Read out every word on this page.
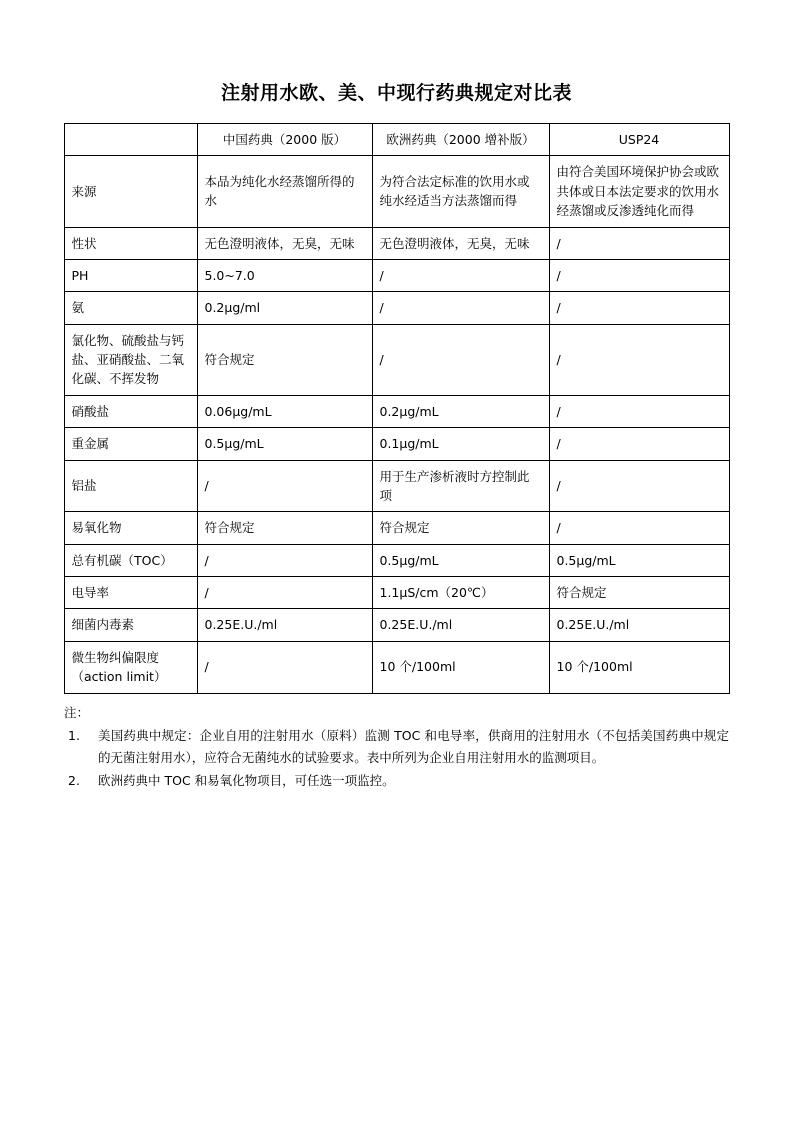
注射用水欧、美、中现行药典规定对比表
	中国药典（2000 版）	欧洲药典（2000 增补版）	USP24
来源	本品为纯化水经蒸馏所得的水	为符合法定标准的饮用水或纯水经适当方法蒸馏而得	由符合美国环境保护协会或欧共体或日本法定要求的饮用水经蒸馏或反渗透纯化而得
性状	无色澄明液体，无臭，无味	无色澄明液体，无臭，无味	/
PH	5.0~7.0	/	/
氨	0.2μg/ml	/	/
氯化物、硫酸盐与钙盐、亚硝酸盐、二氧化碳、不挥发物	符合规定	/	/
硝酸盐	0.06μg/mL	0.2μg/mL	/
重金属	0.5μg/mL	0.1μg/mL	/
铝盐	/	用于生产渗析液时方控制此项	/
易氧化物	符合规定	符合规定	/
总有机碳（TOC）	/	0.5μg/mL	0.5μg/mL
电导率	/	1.1μS/cm（20℃）	符合规定
细菌内毒素	0.25E.U./ml	0.25E.U./ml	0.25E.U./ml
微生物纠偏限度（action limit）	/	10 个/100ml	10 个/100ml
注：
1.	美国药典中规定：企业自用的注射用水（原料）监测 TOC 和电导率，供商用的注射用水（不包括美国药典中规定的无菌注射用水），应符合无菌纯水的试验要求。表中所列为企业自用注射用水的监测项目。
2.	欧洲药典中 TOC 和易氧化物项目，可任选一项监控。
